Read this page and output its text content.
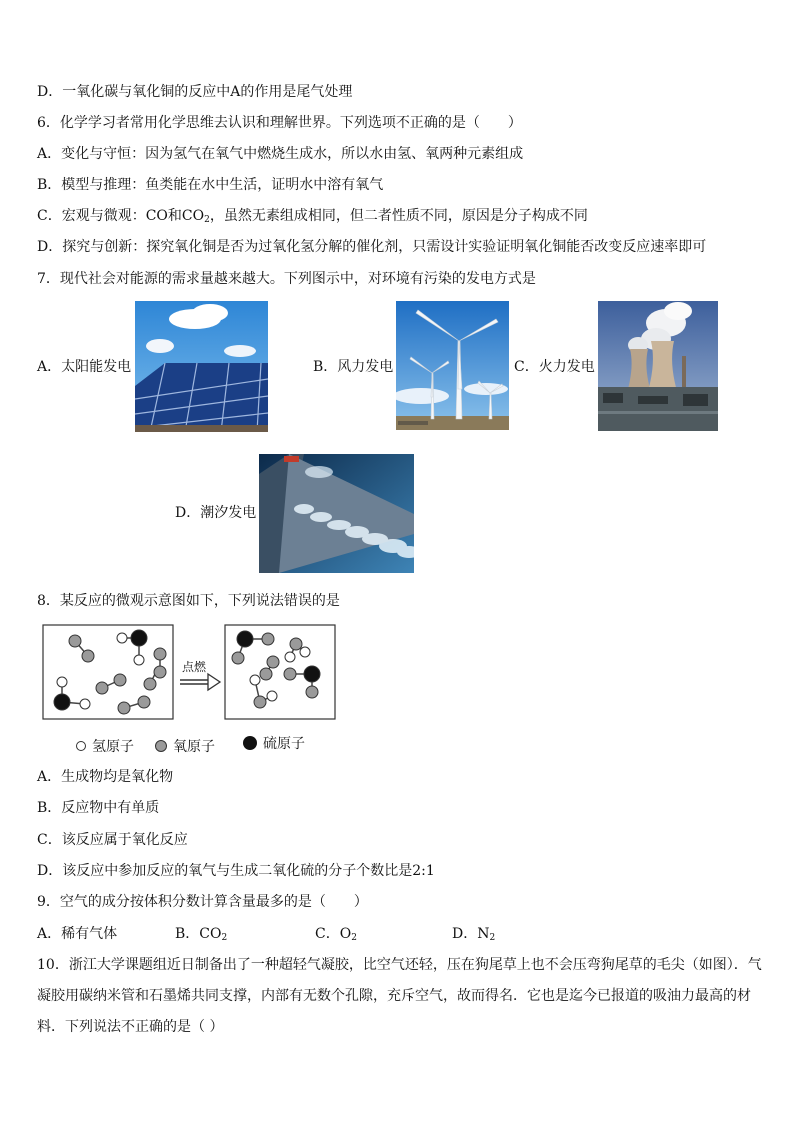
D．一氧化碳与氧化铜的反应中A的作用是尾气处理
6．化学学习者常用化学思维去认识和理解世界。下列选项不正确的是（　　）
A．变化与守恒：因为氢气在氧气中燃烧生成水，所以水由氢、氧两种元素组成
B．模型与推理：鱼类能在水中生活，证明水中溶有氧气
C．宏观与微观：CO和$CO_2$，虽然无素组成相同，但二者性质不同，原因是分子构成不同
D．探究与创新：探究氧化铜是否为过氧化氢分解的催化剂，只需设计实验证明氧化铜能否改变反应速率即可
7．现代社会对能源的需求量越来越大。下列图示中，对环境有污染的发电方式是
A．太阳能发电	B．风力发电	C．火力发电
D．潮汐发电
8．某反应的微观示意图如下，下列说法错误的是
点燃
氢原子	氧原子	硫原子
A．生成物均是氧化物
B．反应物中有单质
C．该反应属于氧化反应
D．该反应中参加反应的氧气与生成二氧化硫的分子个数比是2:1
9．空气的成分按体积分数计算含量最多的是（　　）
A．稀有气体	B．$CO_2$	C．$O_2$	D．$N_2$
10．浙江大学课题组近日制备出了一种超轻气凝胶，比空气还轻，压在狗尾草上也不会压弯狗尾草的毛尖（如图）．气
凝胶用碳纳米管和石墨烯共同支撑，内部有无数个孔隙，充斥空气，故而得名．它也是迄今已报道的吸油力最高的材
料．下列说法不正确的是（ ）
